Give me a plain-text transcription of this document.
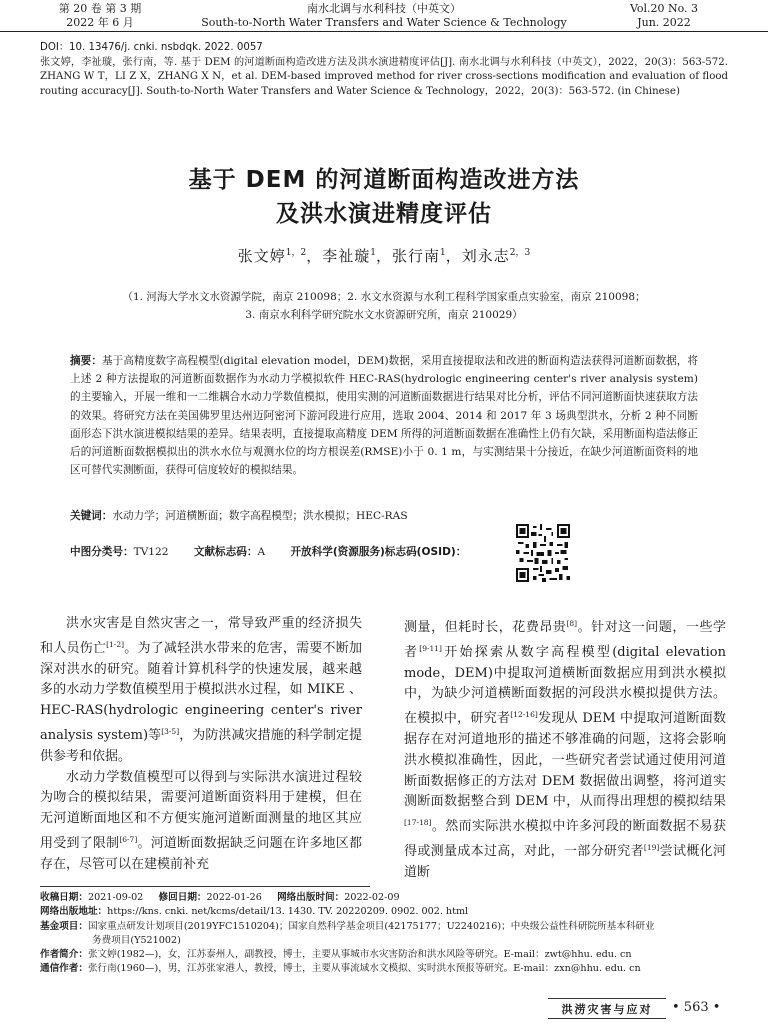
第 20 卷 第 3 期
2022 年 6 月
南水北调与水利科技（中英文）
South-to-North Water Transfers and Water Science & Technology
Vol.20 No. 3
Jun. 2022
DOI：10. 13476/j. cnki. nsbdqk. 2022. 0057
张文婷，李祉璇，张行南，等. 基于 DEM 的河道断面构造改进方法及洪水演进精度评估[J]. 南水北调与水利科技（中英文），2022，20(3)：563-572. ZHANG W T，LI Z X，ZHANG X N，et al. DEM-based improved method for river cross-sections modification and evaluation of flood routing accuracy[J]. South-to-North Water Transfers and Water Science & Technology，2022，20(3)：563-572. (in Chinese)
基于 DEM 的河道断面构造改进方法
及洪水演进精度评估
张文婷$^{1,2}$，李祉璇$^1$，张行南$^1$，刘永志$^{2,3}$
（1. 河海大学水文水资源学院，南京 210098；2. 水文水资源与水利工程科学国家重点实验室，南京 210098；
3. 南京水利科学研究院水文水资源研究所，南京 210029）
摘要：基于高精度数字高程模型(digital elevation model，DEM)数据，采用直接提取法和改进的断面构造法获得河道断面数据，将上述 2 种方法提取的河道断面数据作为水动力学模拟软件 HEC-RAS(hydrologic engineering center's river analysis system)的主要输入，开展一维和一二维耦合水动力学数值模拟，使用实测的河道断面数据进行结果对比分析，评估不同河道断面快速获取方法的效果。将研究方法在美国佛罗里达州迈阿密河下游河段进行应用，选取 2004、2014 和 2017 年 3 场典型洪水，分析 2 种不同断面形态下洪水演进模拟结果的差异。结果表明，直接提取高精度 DEM 所得的河道断面数据在准确性上仍有欠缺，采用断面构造法修正后的河道断面数据模拟出的洪水水位与观测水位的均方根误差(RMSE)小于 0. 1 m，与实测结果十分接近，在缺少河道断面资料的地区可替代实测断面，获得可信度较好的模拟结果。
关键词：水动力学；河道横断面；数字高程模型；洪水模拟；HEC-RAS
中图分类号：TV122 文献标志码：A 开放科学(资源服务)标志码(OSID)：

洪水灾害是自然灾害之一，常导致严重的经济损失和人员伤亡[1-2]。为了减轻洪水带来的危害，需要不断加深对洪水的研究。随着计算机科学的快速发展，越来越多的水动力学数值模型用于模拟洪水过程，如 MIKE 、HEC-RAS(hydrologic engineering center's river analysis system)等[3-5]，为防洪减灾措施的科学制定提供参考和依据。

水动力学数值模型可以得到与实际洪水演进过程较为吻合的模拟结果，需要河道断面资料用于建模，但在无河道断面地区和不方便实施河道断面测量的地区其应用受到了限制[6-7]。河道断面数据缺乏问题在许多地区都存在，尽管可以在建模前补充

测量，但耗时长，花费昂贵[8]。针对这一问题，一些学者[9-11]开始探索从数字高程模型(digital elevation mode，DEM)中提取河道横断面数据应用到洪水模拟中，为缺少河道横断面数据的河段洪水模拟提供方法。在模拟中，研究者[12-16]发现从 DEM 中提取河道断面数据存在对河道地形的描述不够准确的问题，这将会影响洪水模拟准确性，因此，一些研究者尝试通过使用河道断面数据修正的方法对 DEM 数据做出调整，将河道实测断面数据整合到 DEM 中，从而得出理想的模拟结果[17-18]。然而实际洪水模拟中许多河段的断面数据不易获得或测量成本过高，对此，一部分研究者[19]尝试概化河道断

收稿日期：2021-09-02 修回日期：2022-01-26 网络出版时间：2022-02-09
网络出版地址：https://kns. cnki. net/kcms/detail/13. 1430. TV. 20220209. 0902. 002. html
基金项目：国家重点研发计划项目(2019YFC1510204)；国家自然科学基金项目(42175177；U2240216)；中央级公益性科研院所基本科研业
务费项目(Y521002)
作者简介：张文婷(1982—)，女，江苏泰州人，副教授，博士，主要从事城市水灾害防治和洪水风险等研究。E-mail：zwt@hhu. edu. cn
通信作者：张行南(1960—)，男，江苏张家港人，教授，博士，主要从事流域水文模拟、实时洪水预报等研究。E-mail：zxn@hhu. edu. cn
洪涝灾害与应对	• 563 •
